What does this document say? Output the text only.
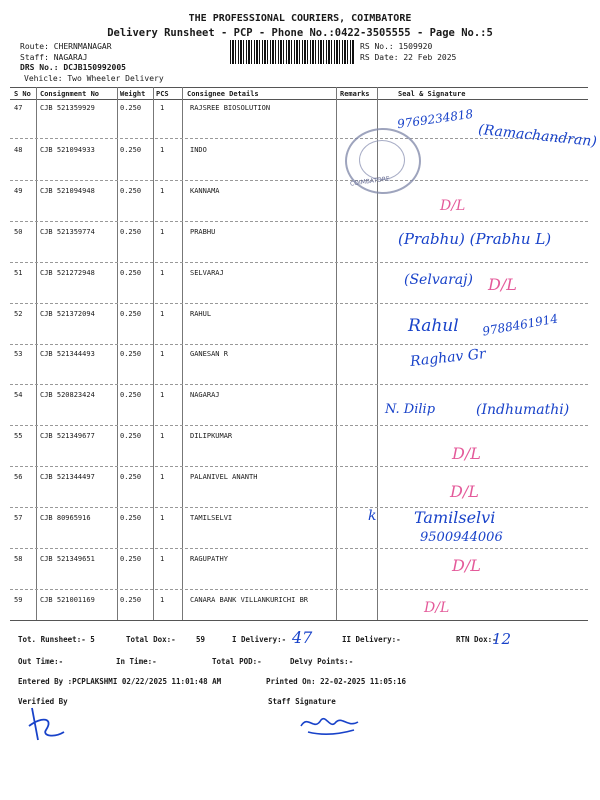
THE PROFESSIONAL COURIERS, COIMBATORE
Delivery Runsheet - PCP - Phone No.:0422-3505555 - Page No.:5
Route: CHERNMANAGAR
Staff: NAGARAJ
DRS No.: DCJB150992005
Vehicle: Two Wheeler Delivery
RS No.: 1509920
RS Date: 22 Feb 2025
S No Consignment No	Weight PCS	Consignee Details	Remarks	Seal & Signature
47	CJB 521359929	0.250	1	RAJSREE BIOSOLUTION
48	CJB 521094933	0.250	1	INDO
49	CJB 521094948	0.250	1	KANNAMA
50	CJB 521359774	0.250	1	PRABHU
51	CJB 521272948	0.250	1	SELVARAJ
52	CJB 521372094	0.250	1	RAHUL
53	CJB 521344493	0.250	1	GANESAN R
54	CJB 520823424	0.250	1	NAGARAJ
55	CJB 521349677	0.250	1	DILIPKUMAR
56	CJB 521344497	0.250	1	PALANIVEL ANANTH
57	CJB 80965916	0.250	1	TAMILSELVI
58	CJB 521349651	0.250	1	RAGUPATHY
59	CJB 521001169	0.250	1	CANARA BANK VILLANKURICHI BR
COIMBATORE
9769234818
(Ramachandran)
D/L
(Prabhu) (Prabhu L)
(Selvaraj) D/L
Rahul 9788461914
Raghav Gr
N. Dilip	(Indhumathi)
D/L
D/L
k Tamilselvi
9500944006
D/L
D/L
Tot. Runsheet:- 5	Total Dox:-	59	I Delivery:- 47	II Delivery:-	RTN Dox:-
12
Out Time:-	In Time:-	Total POD:-	Delvy Points:-
Entered By :PCPLAKSHMI 02/22/2025 11:01:48 AM	Printed On: 22-02-2025 11:05:16
Verified By	Staff Signature
